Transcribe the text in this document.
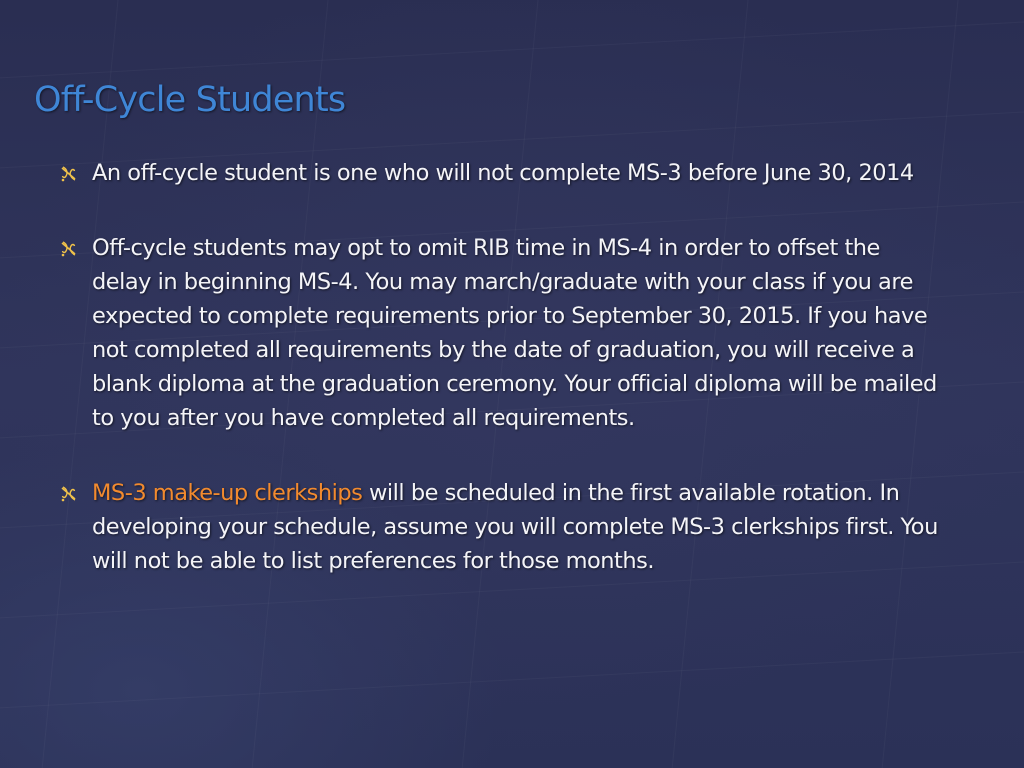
Off-Cycle Students
An off-cycle student is one who will not complete MS-3 before June 30, 2014
Off-cycle students may opt to omit RIB time in MS-4 in order to offset the delay in beginning MS-4. You may march/graduate with your class if you are expected to complete requirements prior to September 30, 2015. If you have not completed all requirements by the date of graduation, you will receive a blank diploma at the graduation ceremony. Your official diploma will be mailed to you after you have completed all requirements.
MS-3 make-up clerkships will be scheduled in the first available rotation. In developing your schedule, assume you will complete MS-3 clerkships first. You will not be able to list preferences for those months.
